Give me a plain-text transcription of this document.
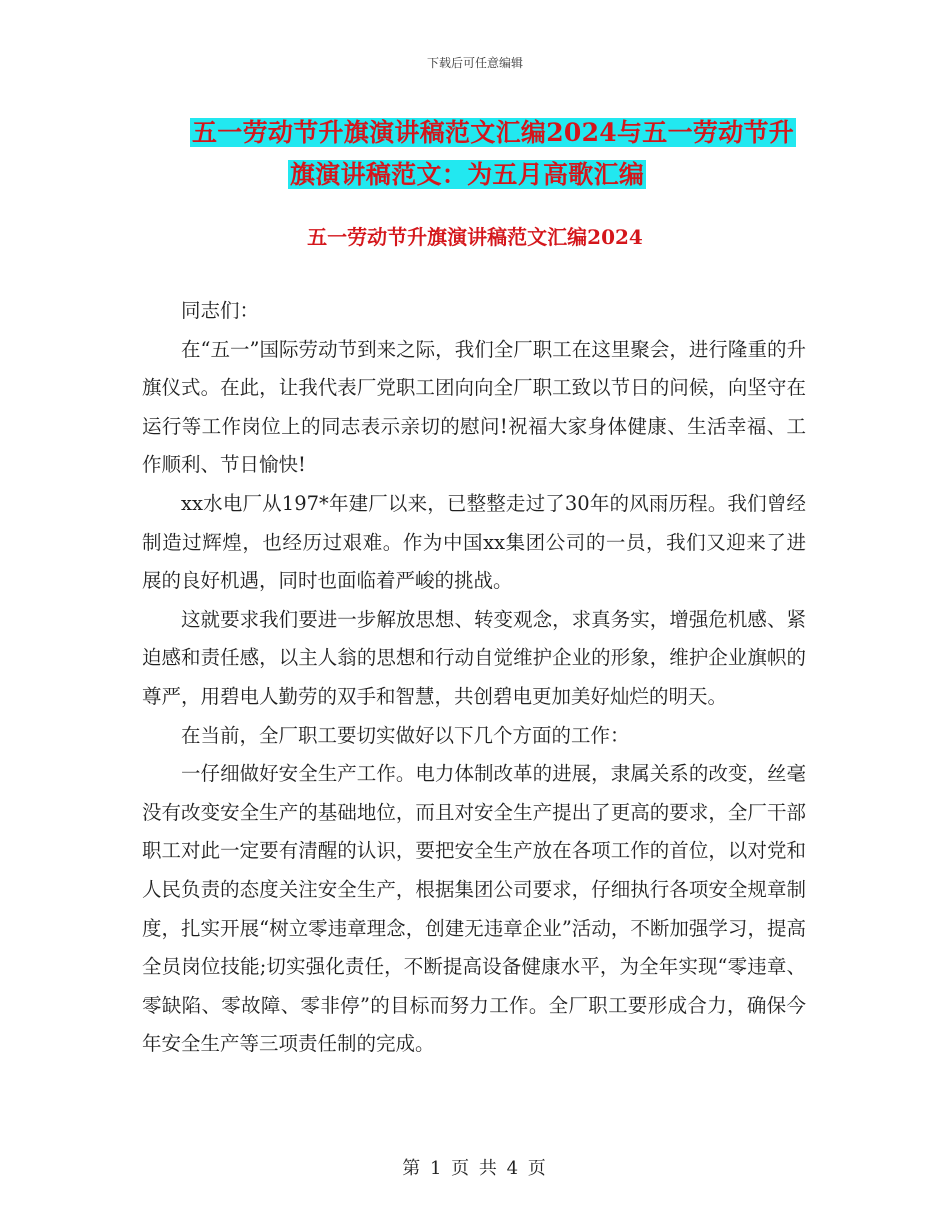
下载后可任意编辑
五一劳动节升旗演讲稿范文汇编2024与五一劳动节升
旗演讲稿范文：为五月高歌汇编
五一劳动节升旗演讲稿范文汇编2024

同志们：

在“五一”国际劳动节到来之际，我们全厂职工在这里聚会，进行隆重的升旗仪式。在此，让我代表厂党职工团向向全厂职工致以节日的问候，向坚守在运行等工作岗位上的同志表示亲切的慰问!祝福大家身体健康、生活幸福、工作顺利、节日愉快!

xx水电厂从197*年建厂以来，已整整走过了30年的风雨历程。我们曾经制造过辉煌，也经历过艰难。作为中国xx集团公司的一员，我们又迎来了进展的良好机遇，同时也面临着严峻的挑战。

这就要求我们要进一步解放思想、转变观念，求真务实，增强危机感、紧迫感和责任感，以主人翁的思想和行动自觉维护企业的形象，维护企业旗帜的尊严，用碧电人勤劳的双手和智慧，共创碧电更加美好灿烂的明天。

在当前，全厂职工要切实做好以下几个方面的工作：

一仔细做好安全生产工作。电力体制改革的进展，隶属关系的改变，丝毫没有改变安全生产的基础地位，而且对安全生产提出了更高的要求，全厂干部职工对此一定要有清醒的认识，要把安全生产放在各项工作的首位，以对党和人民负责的态度关注安全生产，根据集团公司要求，仔细执行各项安全规章制度，扎实开展“树立零违章理念，创建无违章企业”活动，不断加强学习，提高全员岗位技能;切实强化责任，不断提高设备健康水平，为全年实现“零违章、零缺陷、零故障、零非停”的目标而努力工作。全厂职工要形成合力，确保今年安全生产等三项责任制的完成。

第 1 页 共 4 页
